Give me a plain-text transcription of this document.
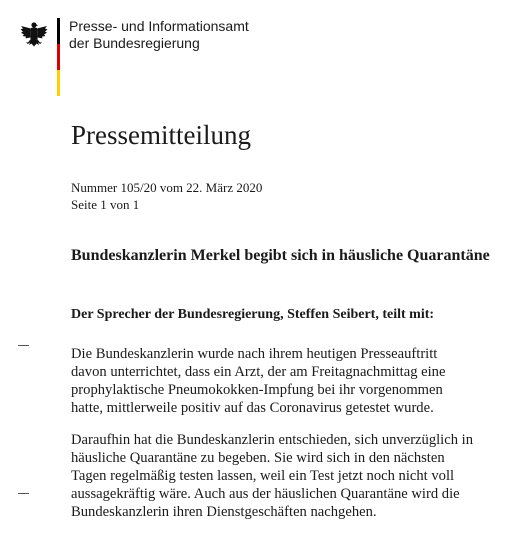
Presse- und Informationsamt
der Bundesregierung
Pressemitteilung
Nummer 105/20 vom 22. März 2020
Seite 1 von 1
Bundeskanzlerin Merkel begibt sich in häusliche Quarantäne
Der Sprecher der Bundesregierung, Steffen Seibert, teilt mit:
Die Bundeskanzlerin wurde nach ihrem heutigen Presseauftritt
davon unterrichtet, dass ein Arzt, der am Freitagnachmittag eine
prophylaktische Pneumokokken-Impfung bei ihr vorgenommen
hatte, mittlerweile positiv auf das Coronavirus getestet wurde.
Daraufhin hat die Bundeskanzlerin entschieden, sich unverzüglich in
häusliche Quarantäne zu begeben. Sie wird sich in den nächsten
Tagen regelmäßig testen lassen, weil ein Test jetzt noch nicht voll
aussagekräftig wäre. Auch aus der häuslichen Quarantäne wird die
Bundeskanzlerin ihren Dienstgeschäften nachgehen.
